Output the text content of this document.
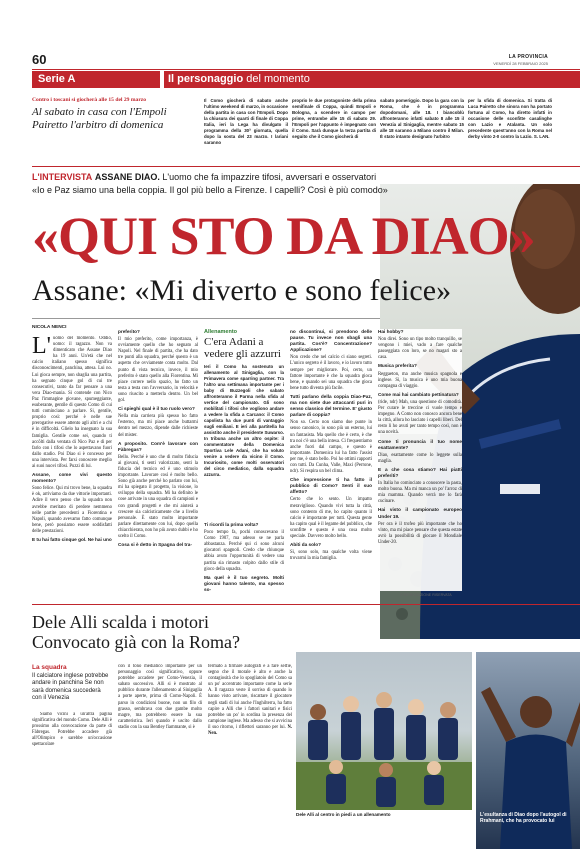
60	LA PROVINCIA
VENERDÌ 28 FEBBRAIO 2025
Serie A	Il personaggio del momento
Contro i toscani si giocherà alle 15 del 29 marzo
Al sabato in casa con l'Empoli Pairetto l'arbitro di domenica
Il Como giocherà di sabato anche l'ultimo weekend di marzo, in occasione della partita in casa con l'Empoli. Dopo la chiusura dei quarti di finale di Coppa Italia, ieri la Lega ha divulgato il programma della 30ª giornata, quella dopo la sosta del 23 marzo. I lariani saranno
proprio le due protagoniste della prima semifinale di Coppa, quindi Empoli e Bologna, a scendere in campo per prime, entrambe alle 15 di sabato 29. l'Empoli per l'appunto è impegnato con il Como. Sarà dunque la terza partita di seguito che il Como giocherà di
sabato pomeriggio. Dopo la gara con la Roma, che è in programma dopodomani, alle 18. I biancoblù affronteranno infatti sabato 8 alle 15 il Venezia al Sinigaglia, mentre sabato 15 alle 18 saranno a Milano contro il Milan. È stato intanto designato l'arbitro
per la sfida di domenica. Si tratta di Luca Pairetto che sinora non ha portato fortuna al Como, ha diretto infatti in occasione delle sconfitte casalinghe con Lazio e Atalanta. Un solo precedente quest'anno con la Roma nel derby vinto 2-0 contro la Lazio. S. LAN.
L'INTERVISTA ASSANE DIAO. L'uomo che fa impazzire tifosi, avversari e osservatori
«Io e Paz siamo una bella coppia. Il gol più bello a Firenze. I capelli? Così è più comodo»
«QUI STO DA DIAO»
Assane: «Mi diverto e sono felice»
NICOLA NENCI

L' uomo del momento. Oddio, uomo: il ragazzo. Non va dimenticato che Assane Diao ha 19 anni. Un'età che nel calcio italiano spesso significa disconoscimenti, panchina, attesa. Lui no. Lui gioca sempre, non sbaglia una partita, ha segnato cinque gol di cui tre consecutivi, tanto da far pensare a una vera Diao-mania. Si contende con Nico Paz l'immagine giovane, spumeggiante, esuberante, gentile di questo Como di cui tutti cominciano a parlare. Si, gentile, proprio così: perché è nelle sue prerogative essere attento agli altri e a chi è in difficoltà. Glielo ha insegnato la sua famiglia. Gentile come sei, quando ti accôlti dalla ventata di Nico Paz e di per farlo con i tifosi che lo aspettavano fuori dallo stadio. Poi Diao si è concesso per una intervista. Per farsi conoscere meglio ai suoi nuovi tifosi. Puzzi di lui.

Assane, come vivi questo momento?

Sono felice. Qui mi trovo bene, la squadra è ok, arriviamo da due vittorie importanti. Adire il vero penso che la squadra non avrebbe meritato di perdere nemmeno nelle partite precedenti a Fiorentina e Napoli, quando avevamo fatto comunque bene, però possiamo essere soddisfatti delle prestazioni.

E tu hai fatto cinque gol. Ne hai uno

preferito?

Il mio preferito, come importanza, è ovviamente quello che ho segnato al Napoli. Nel finale di partita, che ha dato tre punti alla squadra, perché questo è un aspetto che ovviamente conta molto. Dal punto di vista tecnico, invece, il mio preferito è stato quello alla Fiorentina. Mi piace correre nello spazio, ho fatto un testa a testa con l'avversario, in velocità e sono riuscito a metterla dentro. Un bel gol.

Ci spieghi qual è il tuo ruolo vero?

Nella mia carriera più spesso ho fatto l'esterno, ma mi piace anche buttarmi dentro nel mezzo, dipende dalle richieste del mister.

A proposito. Com'è lavorare con Fàbregas?

Bello. Perché è uno che di molto fiducia ai giovani, ti senti valorizzato, senti la fiducia del tecnico ed è uno stimolo importante. Lavorare così è molto bello. Sono già anche perché ho parlato con lui, mi ha spiegato il progetto, la visione, lo sviluppo della squadra. Mi ha definito le cose arrivate in una squadra di campioni e con grandi progetti e che mi aiuterà a crescere sia calcisticamente che a livello personale. È stato molto importante parlare direttamente con lui, dopo quella chiacchierata, non ho più avuto dubbi e ho scelto il Como.

Cosa si è detto in Spagna del tra-

Allenamento
C'era Adani a vedere gli azzurri
Ieri il Como ha sostenuto un allenamento al Sinigaglia, con la Primavera come sparring partner. Tra l'altro una settimana importante per i baby di Buzzegoli che sabato affronteranno il Parma nella sfida al vertice del campionato. Gli sono mobilitati i tifosi che vogliono andare a vedere la sfida a Carcano: il Como capolista ha due punti di vantaggio sugli emiliani. E ieri alla partitella ha assistito anche il presidente Suwarso. In tribuna anche un altro ospite: il commentatore della Domenica Sportiva Lele Adani, che ha voluto venire a vedere da vicino il Como. Incuriosito, come molti osservatori del circo mediatico, dalla squadra azzurra.

Ti ricordi la prima volta?

Poco tempo fa, pochi conoscevano il Como 1907, ma adesso se ne parla abbastanza. Perché qui ci sono alcuni giocatori spagnoli. Credo che chiunque abbia avuto l'opportunità di vedere una partita sia rimasto colpito dallo stile di gioco della squadra.

Ma quel è il tuo segreto. Molti giovani hanno talento, ma spesso so-

no discontinui, si prendono delle pause. Tu invece non sbagli una partita. Cos'è? Concentrazione? Applicazione?

Non credo che nel calcio ci siano segreti. L'unico segreto è il lavoro, e io lavoro tutto sempre per migliorare. Poi, certo, un fattore importante è che la squadra gioca bene, e quando sei una squadra che gioca bene tutto diventa più facile.

Tutti parlano della coppia Diao-Paz, ma non siete due attaccanti puri in senso classico del termine. E' giusto parlare di coppia?

Non so. Certo non siamo due punte in senso canonico, io sono più un esterno, lui un fantasista. Ma quello che è certo, è che tra noi c'è una bella intesa. Ci frequentiamo anche fuori dal campo, e questo è importante. Domenica lui ha fatto l'assist per me, è stato bello. Poi ho ottimi rapporti con tutti. Da Cunha, Valle, Maxi (Perrone, ndr). Si respira un bel clima.

Che impressione ti ha fatto il pubblico di Como? Senti il suo affetto?

Certo che lo sento. Un impatto meraviglioso. Quando vivi tutta la città, sono contento di me, ho capito quanto il calcio è importante per tutti. Questa gente ha capito qual è il legame del pubblico, che sconfitte e questo è una cosa molto speciale. Davvero molto bello.

Abiti da solo?

Sì, sono solo, ma qualche volta viene trovarmi la mia famiglia.

Hai hobby?

Non direi. Sono un tipo molto tranquillo, se vengono i miei, vado a fare qualche passeggiata con loro, se no magari sto a casa.

Musica preferita?

Reggaeton, ma anche musica spagnola e inglese. Si, la musica è uno mia buona compagna di viaggio.

Come mai hai cambiato pettinatura?

(ride, ndr) Mah, una questione di comodità. Per curare le treccine ci vuole tempo e impegno. A Como non conosco ancora bene la città, allora ho lasciato i capelli liberi. Del resto li ho avuti per tanto tempo così, non è una novità.

Come ti pronuncia il tuo nome esattamente?

Diao, esattamente come lo leggete sulla maglia.

E a che cosa stiamo? Hai piatti preferiti?

In Italia ho cominciato a conoscere la pasta, molto buona. Ma mi manca un po' l'arroz di mia mamma. Quando verrà me lo farà cucinare.

Hai visto il campionato europeo Under 19.

Per ora è il trofeo più importante che ho vinto, ma mi piace pensare che questa estate avrò la possibilità di giocare il Mondiale Under-20.

© RIPRODUZIONE RISERVATA
Dele Alli scalda i motori Convocato già con la Roma?
La squadra
Il calciatore inglese potrebbe andare in panchina Se non sarà domenica succederà con il Venezia
Siamo vicini a un'altra pagina significativa del mondo Como. Dele Alli è prossimo alla convocazione da parte di Fàbregas. Potrebbe accadere già all'Olimpico e sarebbe un'occasione spettacolare
con il tono mediatico importante per un personaggio così significativo, oppure potrebbe accadere per Como-Venezia, il sabato successivo. Alli si è mostrato al pubblico durante l'allenamento al Sinigaglia a porte aperte, prima di Como-Napoli. È parso in condizioni buone, non un filo di grasso, sembrava con due gambe molto magre, ma potrebbero essere la sua caratteristica. Ieri quando è uscito dallo stadio con la sua Bentley fiammante, si è
fermato a firmare autografi e a fare selfie, segno che il morale è alto e anche la contagiosità che lo spogliatoio del Como sa un po' accentrato importante come la serie A. Il ragazzo veste il sorriso di quando lo hanno visto arrivare, riscattare il giocatore negli stadi di lui anche l'Inghilterra, ha fatto capire a Alli che i fattori sanitari e fisici potrebbe un po' in sordina la presenza del campione inglese. Ma adesso che si avvicina il suo ritorno, i riflettori saranno per lui. N. Nen.
Dele Alli al centro in piedi a un allenamento	L'esultanza di Diao dopo l'autogol di Rrahmani, che ha provocato lui
